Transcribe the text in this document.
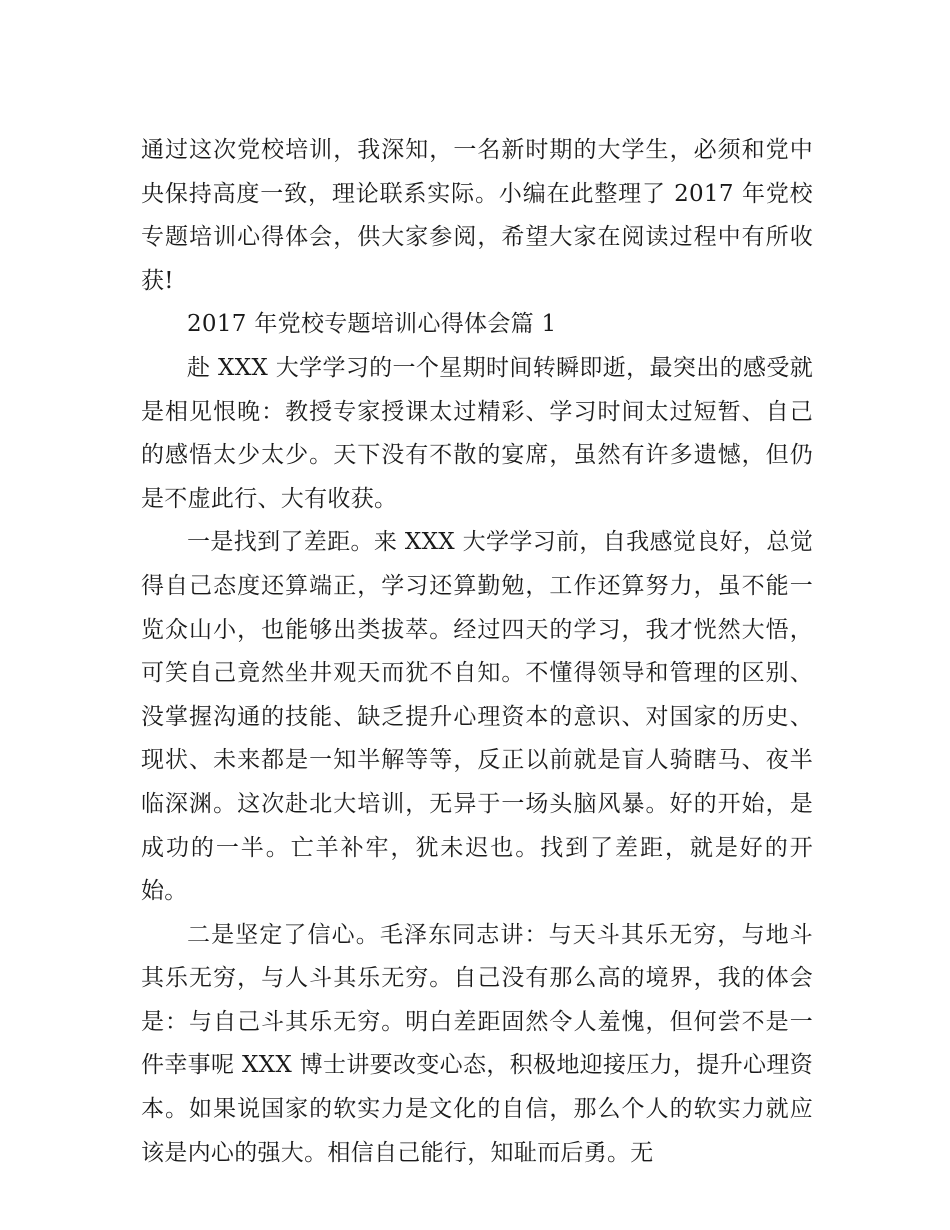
通过这次党校培训，我深知，一名新时期的大学生，必须和党中央保持高度一致，理论联系实际。小编在此整理了 2017 年党校专题培训心得体会，供大家参阅，希望大家在阅读过程中有所收获!

2017 年党校专题培训心得体会篇 1

赴 XXX 大学学习的一个星期时间转瞬即逝，最突出的感受就是相见恨晚：教授专家授课太过精彩、学习时间太过短暂、自己的感悟太少太少。天下没有不散的宴席，虽然有许多遗憾，但仍是不虚此行、大有收获。

一是找到了差距。来 XXX 大学学习前，自我感觉良好，总觉得自己态度还算端正，学习还算勤勉，工作还算努力，虽不能一览众山小，也能够出类拔萃。经过四天的学习，我才恍然大悟，可笑自己竟然坐井观天而犹不自知。不懂得领导和管理的区别、没掌握沟通的技能、缺乏提升心理资本的意识、对国家的历史、现状、未来都是一知半解等等，反正以前就是盲人骑瞎马、夜半临深渊。这次赴北大培训，无异于一场头脑风暴。好的开始，是成功的一半。亡羊补牢，犹未迟也。找到了差距，就是好的开始。

二是坚定了信心。毛泽东同志讲：与天斗其乐无穷，与地斗其乐无穷，与人斗其乐无穷。自己没有那么高的境界，我的体会是：与自己斗其乐无穷。明白差距固然令人羞愧，但何尝不是一件幸事呢 XXX 博士讲要改变心态，积极地迎接压力，提升心理资本。如果说国家的软实力是文化的自信，那么个人的软实力就应该是内心的强大。相信自己能行，知耻而后勇。无
